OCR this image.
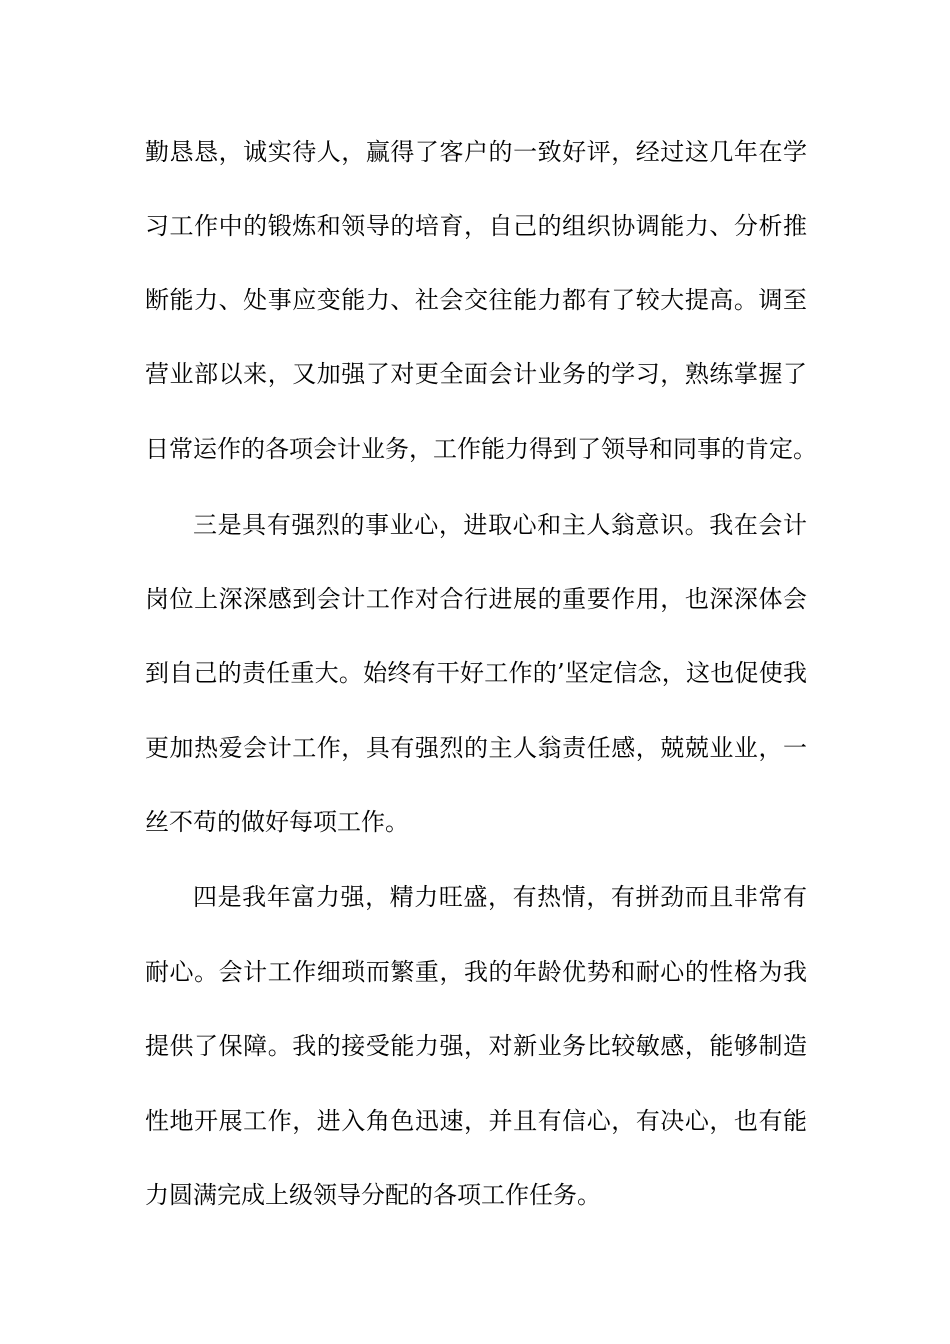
勤恳恳，诚实待人，赢得了客户的一致好评，经过这几年在学
习工作中的锻炼和领导的培育，自己的组织协调能力、分析推
断能力、处事应变能力、社会交往能力都有了较大提高。调至
营业部以来，又加强了对更全面会计业务的学习，熟练掌握了
日常运作的各项会计业务，工作能力得到了领导和同事的肯定。
三是具有强烈的事业心，进取心和主人翁意识。我在会计
岗位上深深感到会计工作对合行进展的重要作用，也深深体会
到自己的责任重大。始终有干好工作的’坚定信念，这也促使我
更加热爱会计工作，具有强烈的主人翁责任感，兢兢业业，一
丝不苟的做好每项工作。
四是我年富力强，精力旺盛，有热情，有拼劲而且非常有
耐心。会计工作细琐而繁重，我的年龄优势和耐心的性格为我
提供了保障。我的接受能力强，对新业务比较敏感，能够制造
性地开展工作，进入角色迅速，并且有信心，有决心，也有能
力圆满完成上级领导分配的各项工作任务。
